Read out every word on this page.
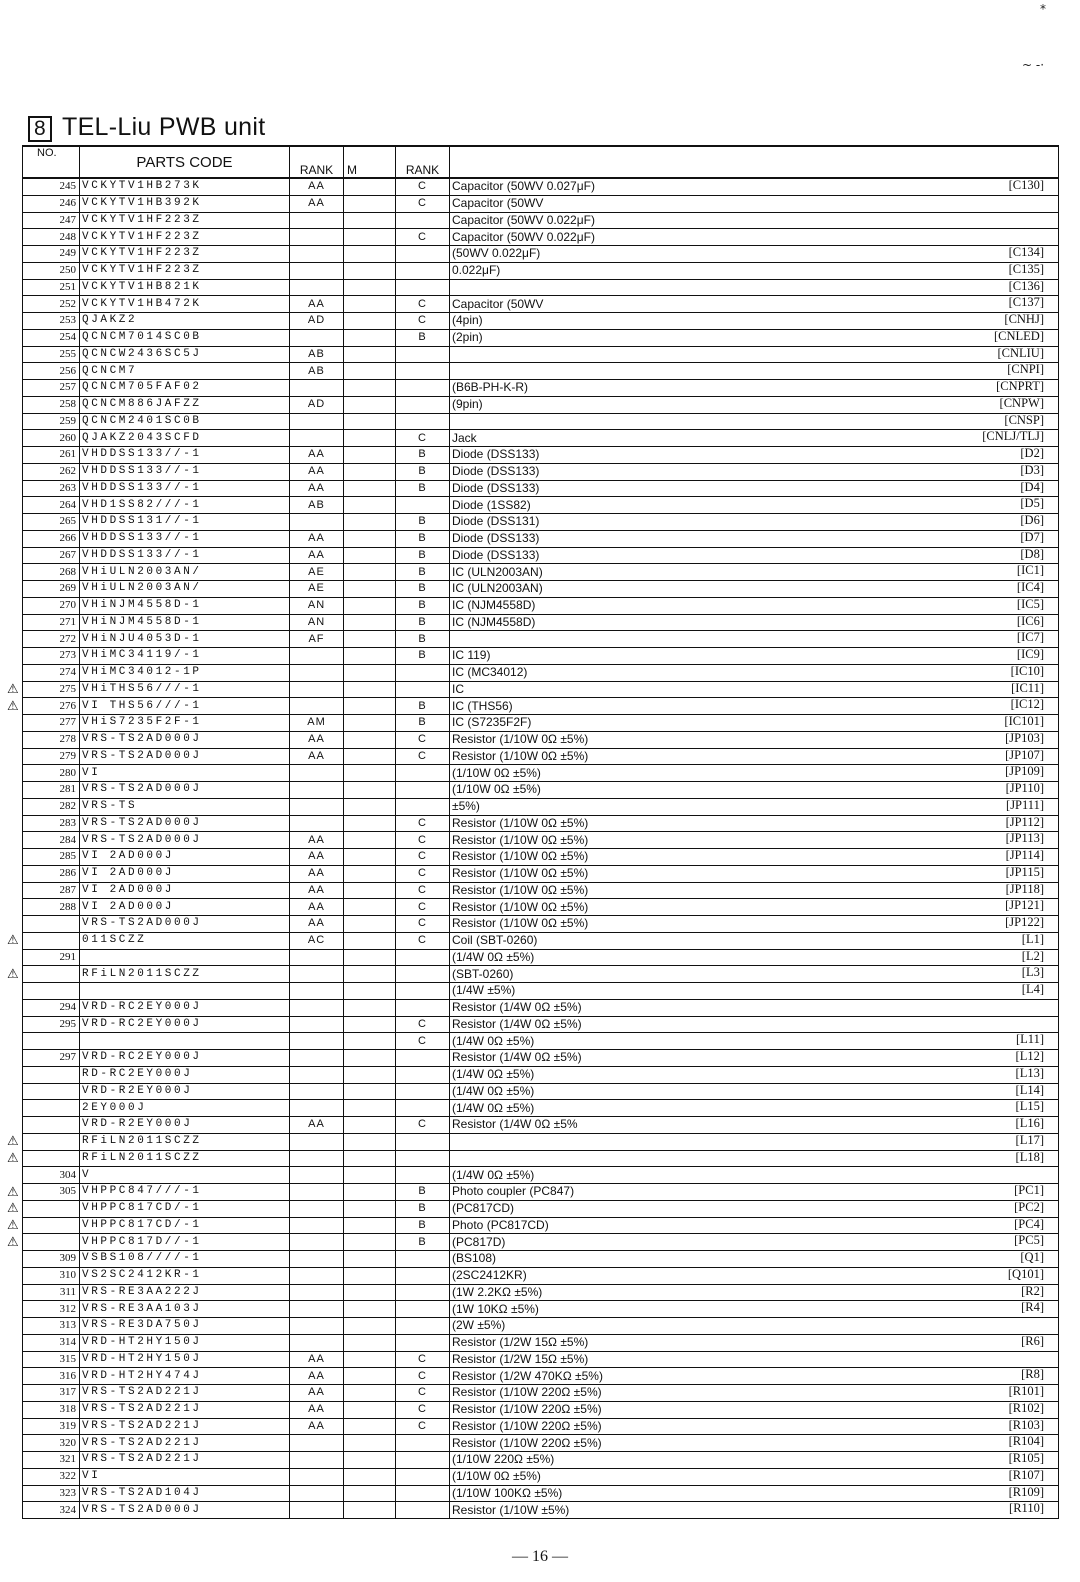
*
~ -·
8 TEL-Liu PWB unit
NO.	PARTS CODE	RANK	M	RANK	
245	VCKYTV1HB273K	AA		C	Capacitor (50WV 0.027μF) [C130]

246	VCKYTV1HB392K	AA		C	Capacitor (50WV

247	VCKYTV1HF223Z				Capacitor (50WV 0.022μF)

248	VCKYTV1HF223Z			C	Capacitor (50WV 0.022μF)

249	VCKYTV1HF223Z				(50WV 0.022μF) [C134]

250	VCKYTV1HF223Z				0.022μF) [C135]

251	VCKYTV1HB821K				[C136]

252	VCKYTV1HB472K	AA		C	Capacitor (50WV [C137]

253	QJAKZ2	AD		C	(4pin) [CNHJ]

254	QCNCM7014SC0B			B	(2pin) [CNLED]

255	QCNCW2436SC5J	AB			[CNLIU]

256	QCNCM7	AB			[CNPI]

257	QCNCM705FAF02				(B6B-PH-K-R) [CNPRT]

258	QCNCM886JAFZZ	AD			(9pin) [CNPW]

259	QCNCM2401SC0B				[CNSP]

260	QJAKZ2043SCFD			C	Jack [CNLJ/TLJ]

261	VHDDSS133//-1	AA		B	Diode (DSS133) [D2]

262	VHDDSS133//-1	AA		B	Diode (DSS133) [D3]

263	VHDDSS133//-1	AA		B	Diode (DSS133) [D4]

264	VHD1SS82///-1	AB			Diode (1SS82) [D5]

265	VHDDSS131//-1			B	Diode (DSS131) [D6]

266	VHDDSS133//-1	AA		B	Diode (DSS133) [D7]

267	VHDDSS133//-1	AA		B	Diode (DSS133) [D8]

268	VHiULN2003AN/	AE		B	IC (ULN2003AN) [IC1]

269	VHiULN2003AN/	AE		B	IC (ULN2003AN) [IC4]

270	VHiNJM4558D-1	AN		B	IC (NJM4558D) [IC5]

271	VHiNJM4558D-1	AN		B	IC (NJM4558D) [IC6]

272	VHiNJU4053D-1	AF		B	[IC7]

273	VHiMC34119/-1			B	IC 119) [IC9]

274	VHiMC34012-1P				IC (MC34012) [IC10]

275	VHiTHS56///-1				IC [IC11]

276	VI THS56///-1			B	IC (THS56) [IC12]

277	VHiS7235F2F-1	AM		B	IC (S7235F2F) [IC101]

278	VRS-TS2AD000J	AA		C	Resistor (1/10W 0Ω ±5%) [JP103]

279	VRS-TS2AD000J	AA		C	Resistor (1/10W 0Ω ±5%) [JP107]

280	VI				(1/10W 0Ω ±5%) [JP109]

281	VRS-TS2AD000J				(1/10W 0Ω ±5%) [JP110]

282	VRS-TS				±5%) [JP111]

283	VRS-TS2AD000J			C	Resistor (1/10W 0Ω ±5%) [JP112]

284	VRS-TS2AD000J	AA		C	Resistor (1/10W 0Ω ±5%) [JP113]

285	VI 2AD000J	AA		C	Resistor (1/10W 0Ω ±5%) [JP114]

286	VI 2AD000J	AA		C	Resistor (1/10W 0Ω ±5%) [JP115]

287	VI 2AD000J	AA		C	Resistor (1/10W 0Ω ±5%) [JP118]

288	VI 2AD000J	AA		C	Resistor (1/10W 0Ω ±5%) [JP121]

	VRS-TS2AD000J	AA		C	Resistor (1/10W 0Ω ±5%) [JP122]

	011SCZZ	AC		C	Coil (SBT-0260) [L1]

291					(1/4W 0Ω ±5%) [L2]

	RFiLN2011SCZZ				(SBT-0260) [L3]

					(1/4W ±5%) [L4]

294	VRD-RC2EY000J				Resistor (1/4W 0Ω ±5%)

295	VRD-RC2EY000J			C	Resistor (1/4W 0Ω ±5%)

				C	(1/4W 0Ω ±5%) [L11]

297	VRD-RC2EY000J				Resistor (1/4W 0Ω ±5%) [L12]

	RD-RC2EY000J				(1/4W 0Ω ±5%) [L13]

	VRD-R2EY000J				(1/4W 0Ω ±5%) [L14]

	2EY000J				(1/4W 0Ω ±5%) [L15]

	VRD-R2EY000J	AA		C	Resistor (1/4W 0Ω ±5% [L16]

	RFiLN2011SCZZ				[L17]

	RFiLN2011SCZZ				[L18]

304	V				(1/4W 0Ω ±5%)

305	VHPPC847///-1			B	Photo coupler (PC847) [PC1]

	VHPPC817CD/-1			B	(PC817CD) [PC2]

	VHPPC817CD/-1			B	Photo (PC817CD) [PC4]

	VHPPC817D//-1			B	(PC817D) [PC5]

309	VSBS108////-1				(BS108) [Q1]

310	VS2SC2412KR-1				(2SC2412KR) [Q101]

311	VRS-RE3AA222J				(1W 2.2KΩ ±5%) [R2]

312	VRS-RE3AA103J				(1W 10KΩ ±5%) [R4]

313	VRS-RE3DA750J				(2W ±5%)

314	VRD-HT2HY150J				Resistor (1/2W 15Ω ±5%) [R6]

315	VRD-HT2HY150J	AA		C	Resistor (1/2W 15Ω ±5%)

316	VRD-HT2HY474J	AA		C	Resistor (1/2W 470KΩ ±5%) [R8]

317	VRS-TS2AD221J	AA		C	Resistor (1/10W 220Ω ±5%) [R101]

318	VRS-TS2AD221J	AA		C	Resistor (1/10W 220Ω ±5%) [R102]

319	VRS-TS2AD221J	AA		C	Resistor (1/10W 220Ω ±5%) [R103]

320	VRS-TS2AD221J				Resistor (1/10W 220Ω ±5%) [R104]

321	VRS-TS2AD221J				(1/10W 220Ω ±5%) [R105]

322	VI				(1/10W 0Ω ±5%) [R107]

323	VRS-TS2AD104J				(1/10W 100KΩ ±5%) [R109]

324	VRS-TS2AD000J				Resistor (1/10W ±5%) [R110]
⚠
⚠
⚠
⚠
⚠
⚠
⚠
⚠
⚠
⚠
— 16 —
